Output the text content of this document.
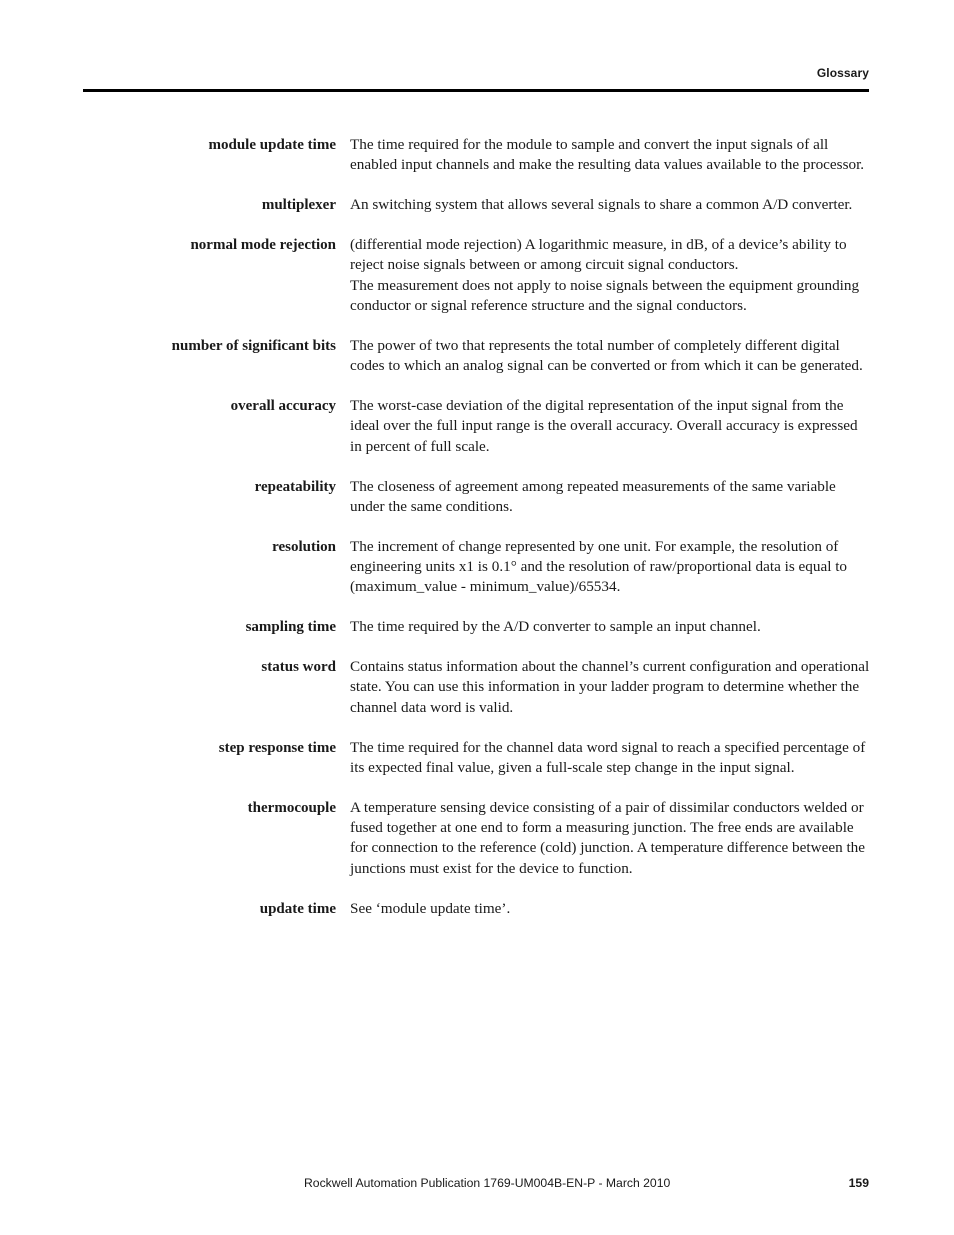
Glossary
module update time The time required for the module to sample and convert the input signals of all enabled input channels and make the resulting data values available to the processor.

multiplexer An switching system that allows several signals to share a common A/D converter.

normal mode rejection (differential mode rejection) A logarithmic measure, in dB, of a device’s ability to reject noise signals between or among circuit signal conductors.

The measurement does not apply to noise signals between the equipment grounding conductor or signal reference structure and the signal conductors.

number of significant bits The power of two that represents the total number of completely different digital codes to which an analog signal can be converted or from which it can be generated.

overall accuracy The worst-case deviation of the digital representation of the input signal from the ideal over the full input range is the overall accuracy. Overall accuracy is expressed in percent of full scale.

repeatability The closeness of agreement among repeated measurements of the same variable under the same conditions.

resolution The increment of change represented by one unit. For example, the resolution of engineering units x1 is 0.1° and the resolution of raw/proportional data is equal to (maximum_value - minimum_value)/65534.

sampling time The time required by the A/D converter to sample an input channel.

status word Contains status information about the channel’s current configuration and operational state. You can use this information in your ladder program to determine whether the channel data word is valid.

step response time The time required for the channel data word signal to reach a specified percentage of its expected final value, given a full-scale step change in the input signal.

thermocouple A temperature sensing device consisting of a pair of dissimilar conductors welded or fused together at one end to form a measuring junction. The free ends are available for connection to the reference (cold) junction. A temperature difference between the junctions must exist for the device to function.

update time See ‘module update time’.

Rockwell Automation Publication 1769-UM004B-EN-P - March 2010	159
